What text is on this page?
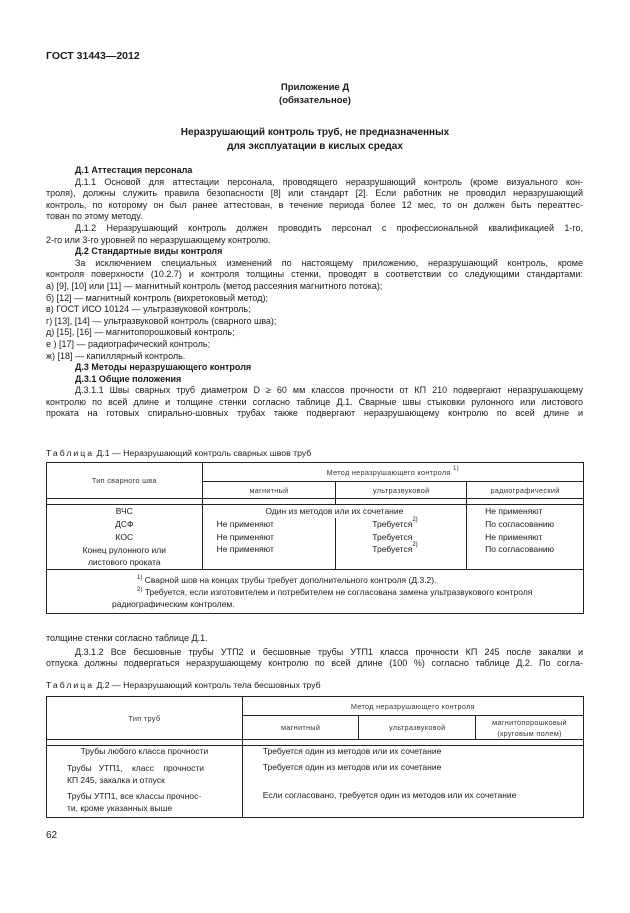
ГОСТ 31443—2012
Приложение Д
(обязательное)
Неразрушающий контроль труб, не предназначенных
для эксплуатации в кислых средах

Д.1 Аттестация персонала

Д.1.1 Основой для аттестации персонала, проводящего неразрушающий контроль (кроме визуального кон-

троля), должны служить правила безопасности [8] или стандарт [2]. Если работник не проводил неразрушающий

контроль, по которому он был ранее аттестован, в течение периода более 12 мес, то он должен быть переаттес-

тован по этому методу.

Д.1.2 Неразрушающий контроль должен проводить персонал с профессиональной квалификацией 1-го,

2-го или 3-го уровней по неразрушающему контролю.

Д.2 Стандартные виды контроля

За исключением специальных изменений по настоящему приложению, неразрушающий контроль, кроме

контроля поверхности (10.2.7) и контроля толщины стенки, проводят в соответствии со следующими стандартами:

а) [9], [10] или [11] — магнитный контроль (метод рассеяния магнитного потока);

б) [12] — магнитный контроль (вихретоковый метод);

в) ГОСТ ИСО 10124 — ультразвуковой контроль;

г) [13], [14] — ультразвуковой контроль (сварного шва);

д) [15], [16] — магнитопорошковый контроль;

е ) [17] — радиографический контроль;

ж) [18] — капиллярный контроль.

Д.3 Методы неразрушающего контроля

Д.3.1 Общие положения

Д.3.1.1 Швы сварных труб диаметром D ≥ 60 мм классов прочности от КП 210 подвергают неразрушающему

контролю по всей длине и толщине стенки согласно таблице Д.1. Сварные швы стыковки рулонного или листового

проката на готовых спирально-шовных трубах также подвергают неразрушающему контролю по всей длине и

Таблица Д.1 — Неразрушающий контроль сварных швов труб
Тип сварного шва	Метод неразрушающего контроля $^{1)}$
	магнитный	ультразвуковой	радиографический

ВЧС	Один из методов или их сочетание		Не применяют
ДСФ	Не применяют	Требуется$^{2)}$	По согласованию
КОС	Не применяют	Требуется	Не применяют
Конец рулонного или
листового проката	Не применяют	Требуется$^{2)}$	По согласованию

$^{1)}$ Сварной шов на концах трубы требует дополнительного контроля (Д.3.2).
$^{2)}$ Требуется, если изготовителем и потребителем не согласована замена ультразвукового контроля
радиографическим контролем.			

толщине стенки согласно таблице Д.1.

Д.3.1.2 Все бесшовные трубы УТП2 и бесшовные трубы УТП1 класса прочности КП 245 после закалки и

отпуска должны подвергаться неразрушающему контролю по всей длине (100 %) согласно таблице Д.2. По согла-

Таблица Д.2 — Неразрушающий контроль тела бесшовных труб
Тип труб	Метод неразрушающего контроля		
	магнитный	ультразвуковой	магнитопорошковый
(круговым полем)

Трубы любого класса прочности	Требуется один из методов или их сочетание		
Трубы   УТП1,    класс    прочности
КП 245, закалка и отпуск	Требуется один из методов или их сочетание		
Трубы УТП1, все классы прочнос-
ти, кроме указанных выше	Если согласовано, требуется один из методов или их сочетание		
62
